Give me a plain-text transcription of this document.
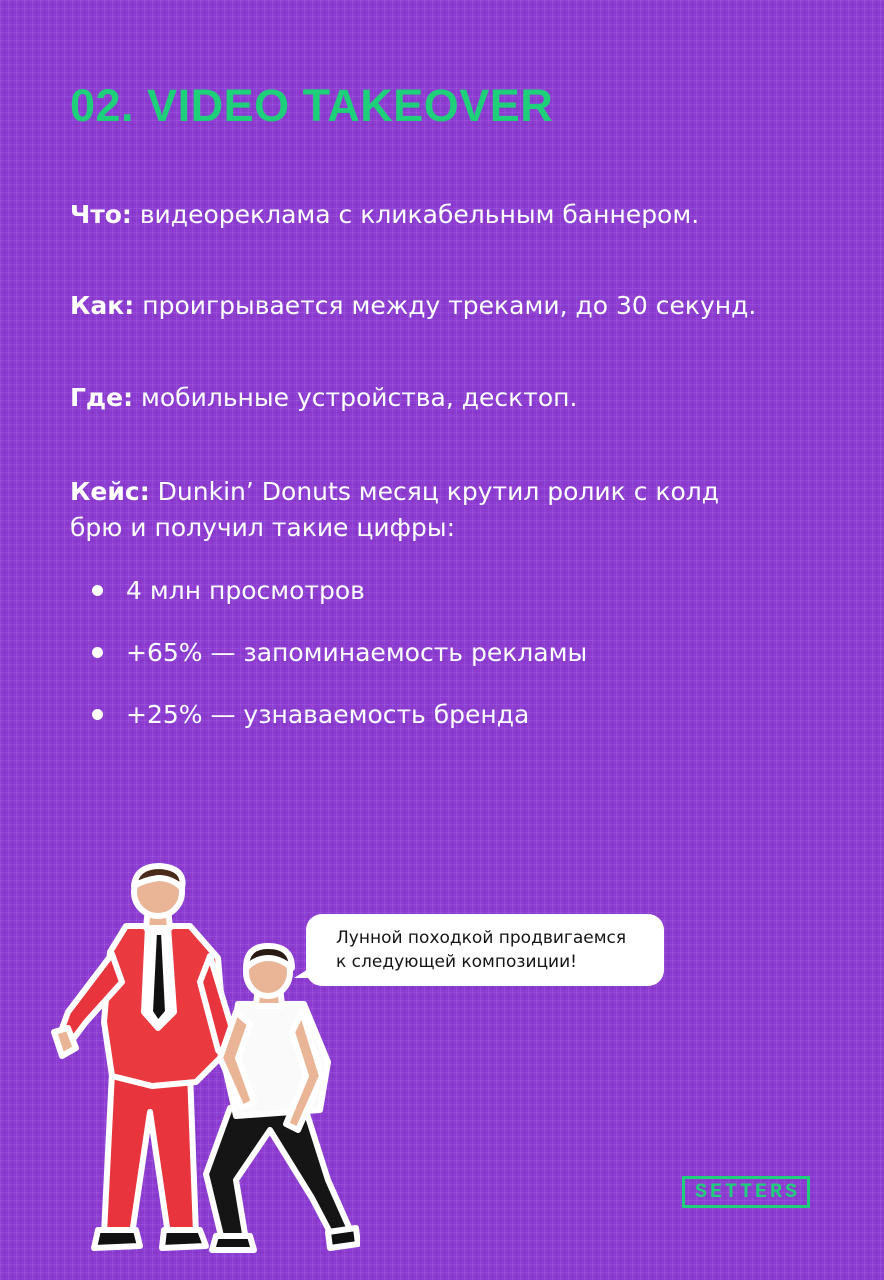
02. VIDEO TAKEOVER

Что: видеореклама с кликабельным баннером.

Как: проигрывается между треками, до 30 секунд.

Где: мобильные устройства, десктоп.

Кейс: Dunkin’ Donuts месяц крутил ролик с колд
брю и получил такие цифры:

4 млн просмотров
+65% — запоминаемость рекламы
+25% — узнаваемость бренда
Лунной походкой продвигаемся
к следующей композиции!
SETTERS
